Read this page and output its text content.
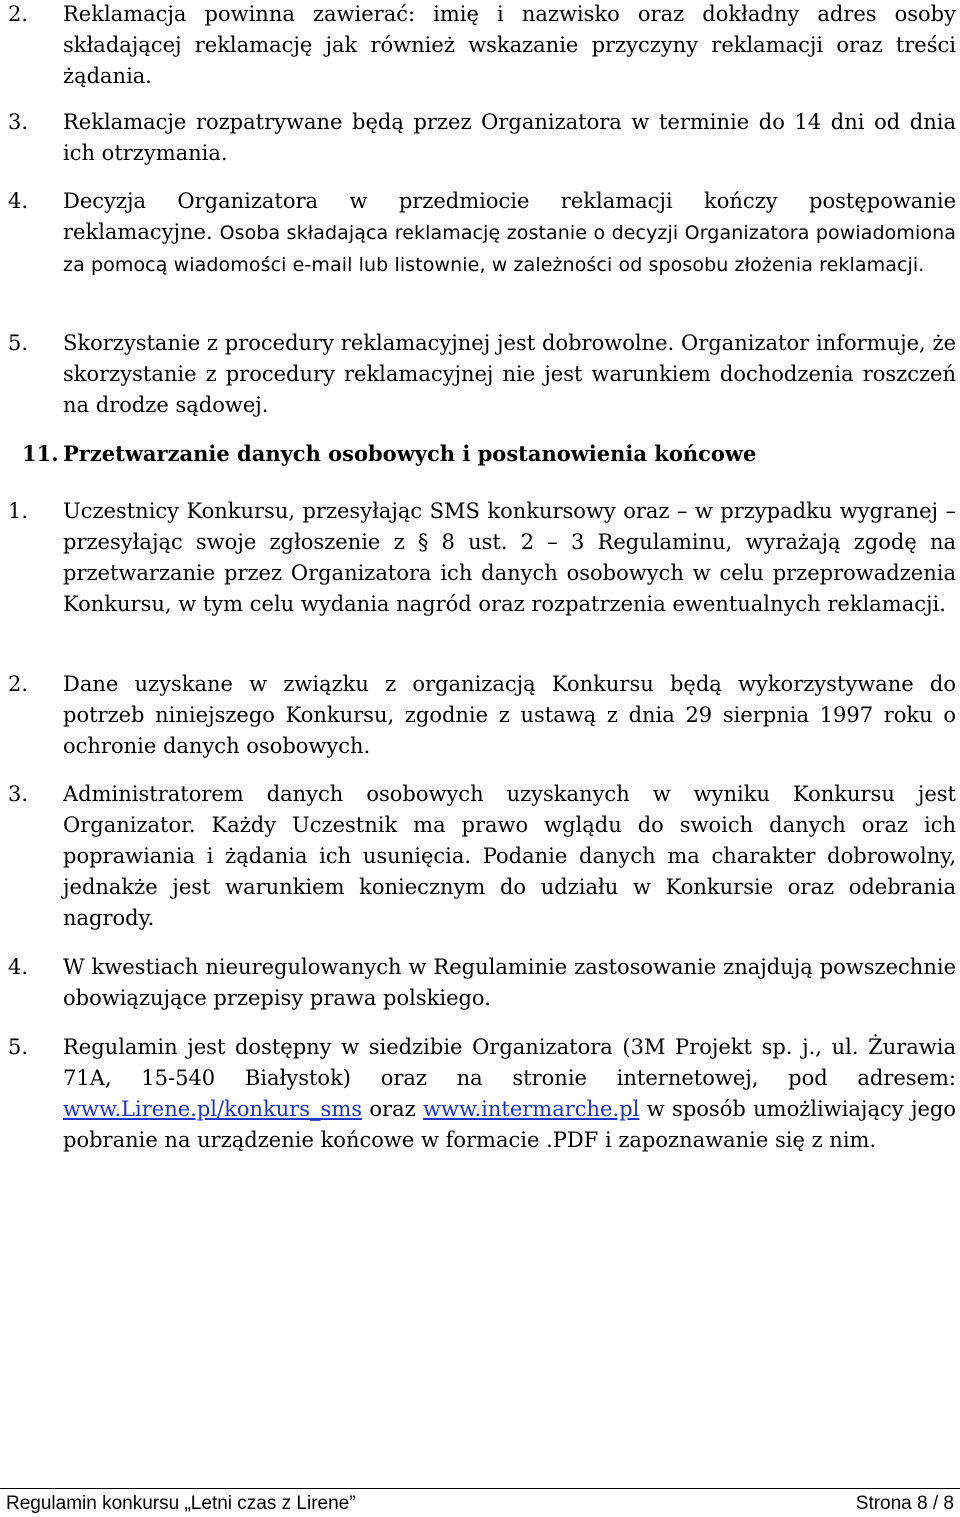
2.	Reklamacja powinna zawierać: imię i nazwisko oraz dokładny adres osoby składającej reklamację jak również wskazanie przyczyny reklamacji oraz treści żądania.
3.	Reklamacje rozpatrywane będą przez Organizatora w terminie do 14 dni od dnia ich otrzymania.
4.	Decyzja Organizatora w przedmiocie reklamacji kończy postępowanie reklamacyjne. Osoba składająca reklamację zostanie o decyzji Organizatora powiadomiona za pomocą wiadomości e-mail lub listownie, w zależności od sposobu złożenia reklamacji.
5.	Skorzystanie z procedury reklamacyjnej jest dobrowolne. Organizator informuje, że skorzystanie z procedury reklamacyjnej nie jest warunkiem dochodzenia roszczeń na drodze sądowej.
11. Przetwarzanie danych osobowych i postanowienia końcowe
1.	Uczestnicy Konkursu, przesyłając SMS konkursowy oraz – w przypadku wygranej – przesyłając swoje zgłoszenie z § 8 ust. 2 – 3 Regulaminu, wyrażają zgodę na przetwarzanie przez Organizatora ich danych osobowych w celu przeprowadzenia Konkursu, w tym celu wydania nagród oraz rozpatrzenia ewentualnych reklamacji.
2.	Dane uzyskane w związku z organizacją Konkursu będą wykorzystywane do potrzeb niniejszego Konkursu, zgodnie z ustawą z dnia 29 sierpnia 1997 roku o ochronie danych osobowych.
3.	Administratorem danych osobowych uzyskanych w wyniku Konkursu jest Organizator. Każdy Uczestnik ma prawo wglądu do swoich danych oraz ich poprawiania i żądania ich usunięcia. Podanie danych ma charakter dobrowolny, jednakże jest warunkiem koniecznym do udziału w Konkursie oraz odebrania nagrody.
4.	W kwestiach nieuregulowanych w Regulaminie zastosowanie znajdują powszechnie obowiązujące przepisy prawa polskiego.
5.	Regulamin jest dostępny w siedzibie Organizatora (3M Projekt sp. j., ul. Żurawia 71A, 15-540 Białystok) oraz na stronie internetowej, pod adresem: www.Lirene.pl/konkurs_sms oraz www.intermarche.pl w sposób umożliwiający jego pobranie na urządzenie końcowe w formacie .PDF i zapoznawanie się z nim.
Regulamin konkursu „Letni czas z Lirene”	Strona 8 / 8
